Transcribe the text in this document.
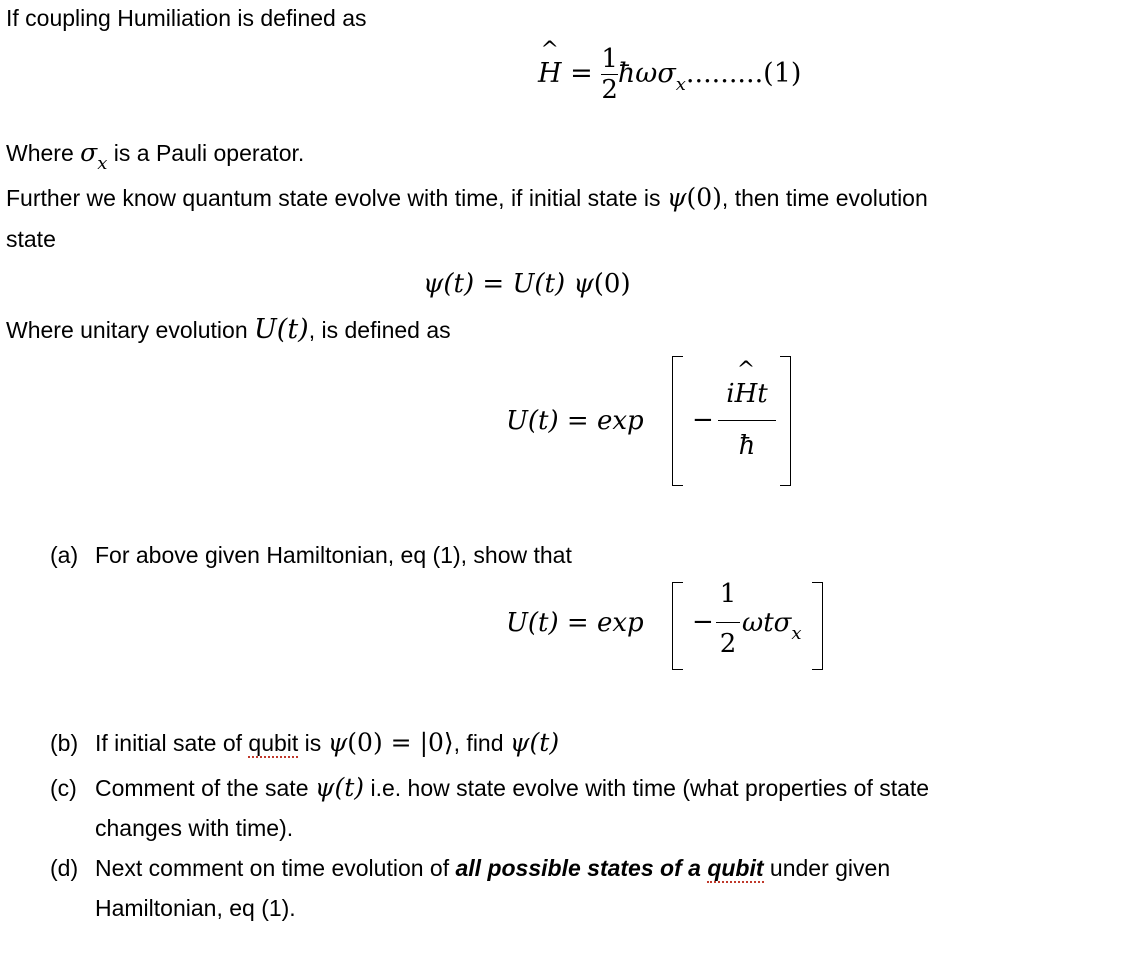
If coupling Humiliation is defined as
^
$H = \frac{1}{2}$ ħωσ$_x$.........(1)
Where $\sigma_x$ is a Pauli operator.
Further we know quantum state evolve with time, if initial state is ψ(0), then time evolution
state
ψ(t) = U(t) ψ(0)
Where unitary evolution U(t), is defined as
U(t) = exp −
i
^
Ht
ħ
(a) For above given Hamiltonian, eq (1), show that
U(t) = exp −
1
2
ωtσ$_x$
(b) If initial sate of qubit is ψ(0) = |0⟩, find ψ(t)
(c) Comment of the sate ψ(t) i.e. how state evolve with time (what properties of state
changes with time).
(d) Next comment on time evolution of all possible states of a qubit under given
Hamiltonian, eq (1).
